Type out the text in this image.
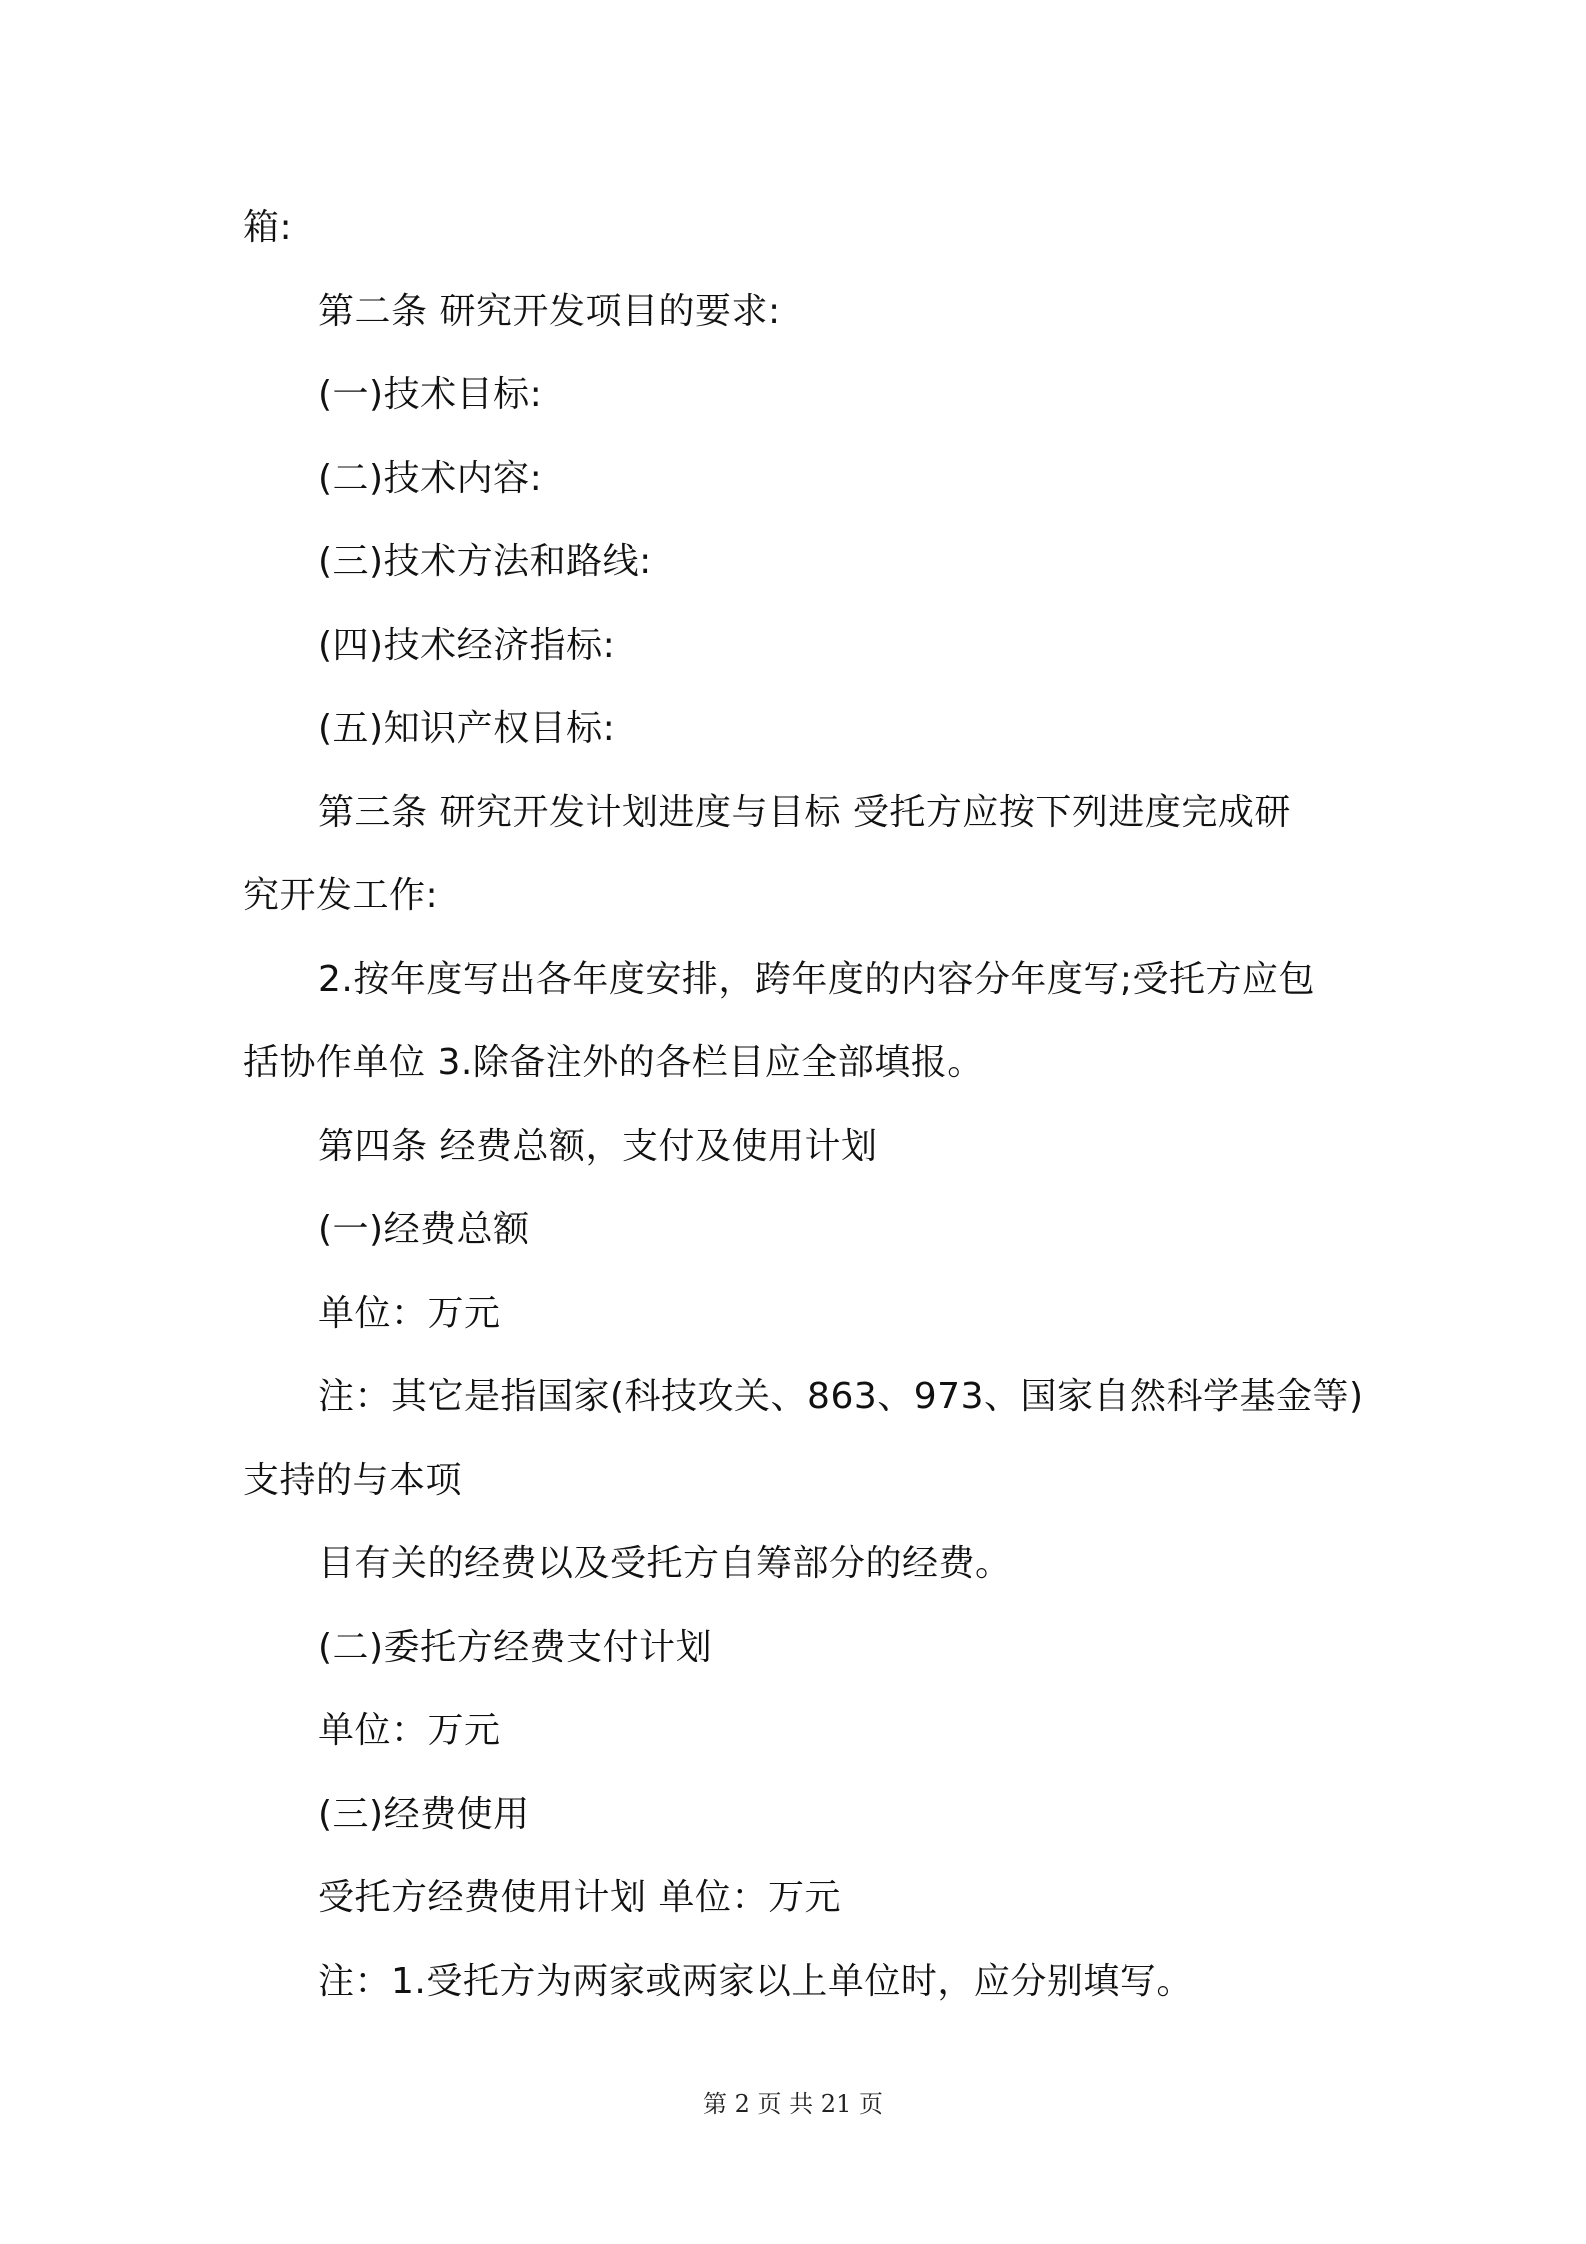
箱:
第二条 研究开发项目的要求:
(一)技术目标:
(二)技术内容:
(三)技术方法和路线:
(四)技术经济指标:
(五)知识产权目标:
第三条 研究开发计划进度与目标 受托方应按下列进度完成研
究开发工作:
2.按年度写出各年度安排，跨年度的内容分年度写;受托方应包
括协作单位 3.除备注外的各栏目应全部填报。
第四条 经费总额，支付及使用计划
(一)经费总额
单位：万元
注：其它是指国家(科技攻关、863、973、国家自然科学基金等)
支持的与本项
目有关的经费以及受托方自筹部分的经费。
(二)委托方经费支付计划
单位：万元
(三)经费使用
受托方经费使用计划 单位：万元
注：1.受托方为两家或两家以上单位时，应分别填写。
第 2 页 共 21 页
